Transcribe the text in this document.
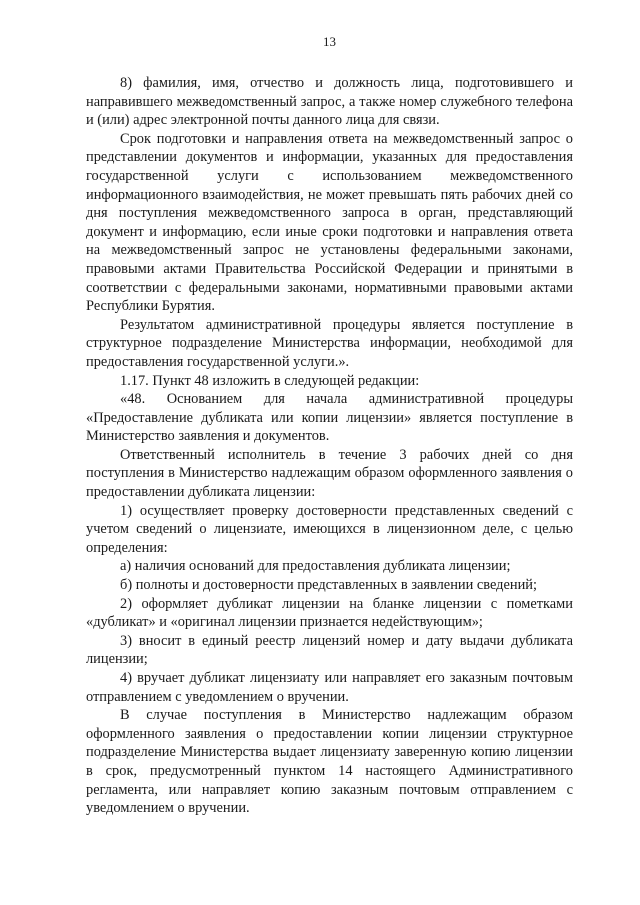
13

8) фамилия, имя, отчество и должность лица, подготовившего и направившего межведомственный запрос, а также номер служебного телефона и (или) адрес электронной почты данного лица для связи.

Срок подготовки и направления ответа на межведомственный запрос о представлении документов и информации, указанных для предоставления государственной услуги с использованием межведомственного информационного взаимодействия, не может превышать пять рабочих дней со дня поступления межведомственного запроса в орган, представляющий документ и информацию, если иные сроки подготовки и направления ответа на межведомственный запрос не установлены федеральными законами, правовыми актами Правительства Российской Федерации и принятыми в соответствии с федеральными законами, нормативными правовыми актами Республики Бурятия.

Результатом административной процедуры является поступление в структурное подразделение Министерства информации, необходимой для предоставления государственной услуги.».

1.17. Пункт 48 изложить в следующей редакции:

«48. Основанием для начала административной процедуры «Предоставление дубликата или копии лицензии» является поступление в Министерство заявления и документов.

Ответственный исполнитель в течение 3 рабочих дней со дня поступления в Министерство надлежащим образом оформленного заявления о предоставлении дубликата лицензии:

1) осуществляет проверку достоверности представленных сведений с учетом сведений о лицензиате, имеющихся в лицензионном деле, с целью определения:

а) наличия оснований для предоставления дубликата лицензии;

б) полноты и достоверности представленных в заявлении сведений;

2) оформляет дубликат лицензии на бланке лицензии с пометками «дубликат» и «оригинал лицензии признается недействующим»;

3) вносит в единый реестр лицензий номер и дату выдачи дубликата лицензии;

4) вручает дубликат лицензиату или направляет его заказным почтовым отправлением с уведомлением о вручении.

В случае поступления в Министерство надлежащим образом оформленного заявления о предоставлении копии лицензии структурное подразделение Министерства выдает лицензиату заверенную копию лицензии в срок, предусмотренный пунктом 14 настоящего Административного регламента, или направляет копию заказным почтовым отправлением с уведомлением о вручении.
